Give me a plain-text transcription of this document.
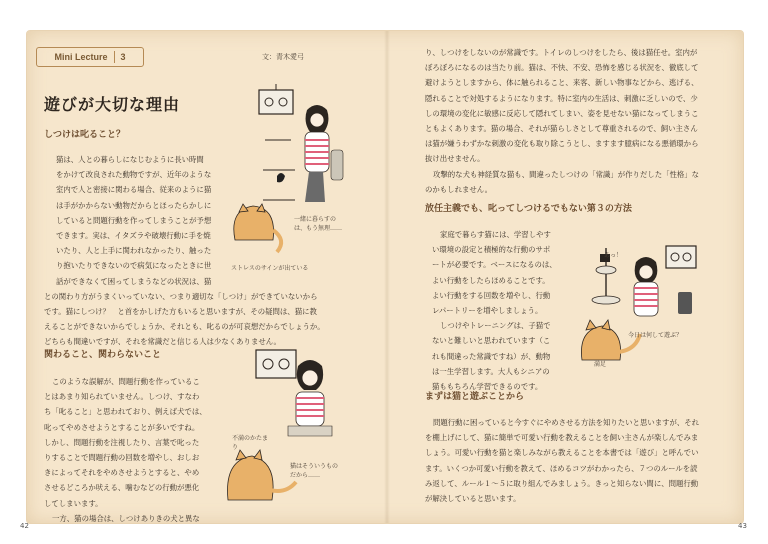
42	43
Mini Lecture 3	文：青木愛弓
遊びが大切な理由
しつけは叱ること？

猫は、人との暮らしになじむように長い時間

をかけて改良された動物ですが、近年のような

室内で人と密接に関わる場合、従来のように猫

は手がかからない動物だからとほったらかしに

していると問題行動を作ってしまうことが予想

できます。実は、イタズラや破壊行動に手を焼

いたり、人と上手に関われなかったり、触った

り抱いたりできないので病気になったときに世

話ができなくて困ってしまうなどの状況は、猫

との関わり方がうまくいっていない、つまり適切な「しつけ」ができていないから

です。猫にしつけ？　と首をかしげた方もいると思いますが、その疑問は、猫に教

えることができないからでしょうか、それとも、叱るのが可哀想だからでしょうか。

どちらも間違いですが、それを常識だと信じる人は少なくありません。

関わること、関わらないこと

このような誤解が、問題行動を作っているこ

とはあまり知られていません。しつけ、すなわ

ち「叱ること」と思われており、例えば犬では、

叱ってやめさせようとすることが多いですね。

しかし、問題行動を注視したり、言葉で叱った

りすることで問題行動の回数を増やし、おしお

きによってそれをやめさせようとすると、やめ

させるどころか吠える、噛むなどの行動が悪化

してしまいます。

一方、猫の場合は、しつけありきの犬と異な

り、しつけをしないのが常識です。トイレのしつけをしたら、後は猫任せ。室内が

ぼろぼろになるのは当たり前。猫は、不快、不安、恐怖を感じる状況を、徹底して

避けようとしますから、体に触られること、来客、新しい物事などから、逃げる、

隠れることで対処するようになります。特に室内の生活は、刺激に乏しいので、少

しの環境の変化に敏感に反応して隠れてしまい、姿を見せない猫になってしまうこ

ともよくあります。猫の場合、それが猫らしさとして尊重されるので、飼い主さん

は猫が嫌うわずかな刺激の変化も取り除こうとし、ますます臆病になる悪循環から

抜け出せません。

攻撃的な犬も神経質な猫も、間違ったしつけの「常識」が作りだした「性格」な

のかもしれません。

放任主義でも、叱ってしつけるでもない第３の方法

家庭で暮らす猫には、学習しやす

い環境の設定と積極的な行動のサポ

ートが必要です。ベースになるのは、

よい行動をしたらほめることです。

よい行動をする回数を増やし、行動

レパートリーを増やしましょう。

しつけやトレーニングは、子猫で

ないと難しいと思われています（こ

れも間違った常識ですね）が、動物

は一生学習します。大人もシニアの

猫ももちろん学習できるのです。

まずは猫と遊ぶことから

問題行動に困っていると今すぐにやめさせる方法を知りたいと思いますが、それ

を棚上げにして、猫に簡単で可愛い行動を教えることを飼い主さんが楽しんでみま

しょう。可愛い行動を猫と楽しみながら教えることを本書では「遊び」と呼んでい

ます。いくつか可愛い行動を教えて、ほめるコツがわかったら、７つのルールを読

み返して、ルール１〜５に取り組んでみましょう。きっと知らない間に、問題行動

が解決していると思います。

ストレスのサインが出ている
一緒に暮らすのは、もう無理……
不満のかたまり
猫はそういうものだから……
あっ！
満足
今日は何して遊ぶ？
